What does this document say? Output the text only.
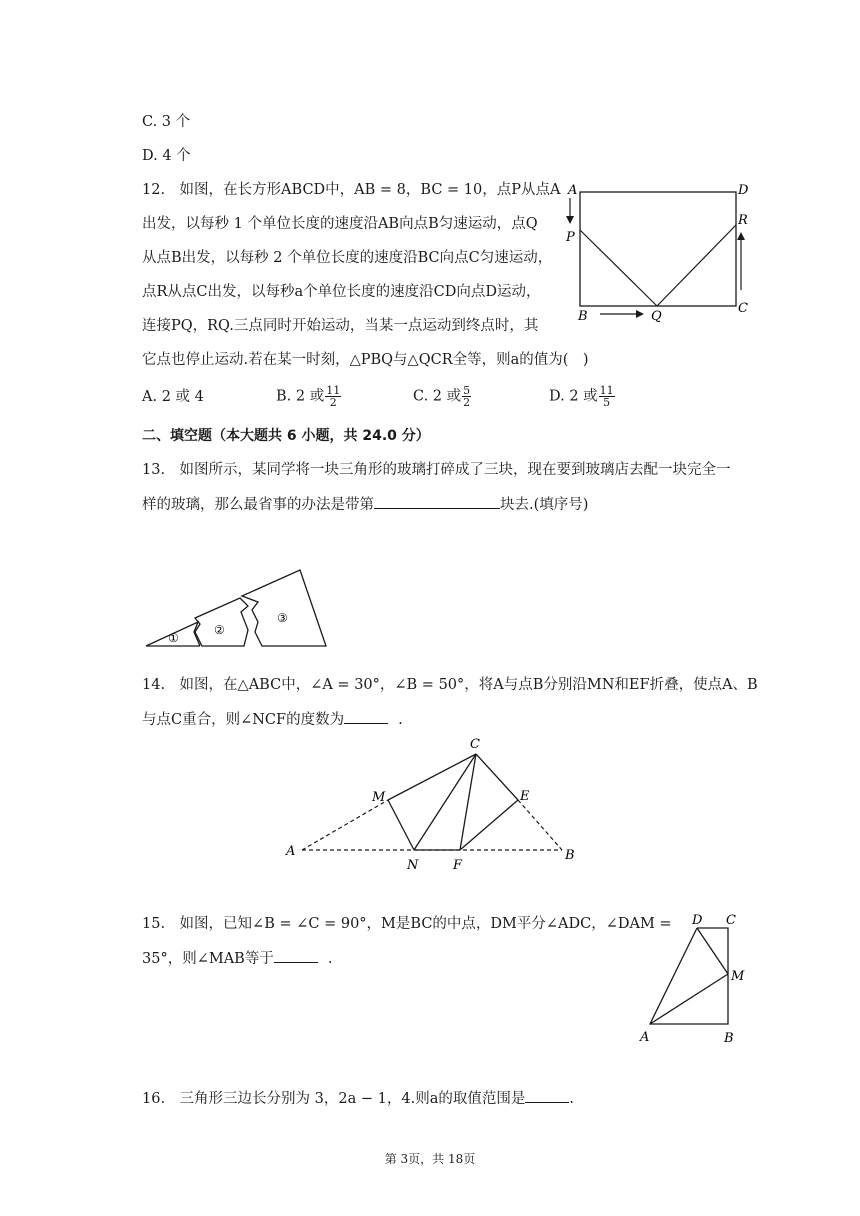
C. 3 个
D. 4 个
12.　如图，在长方形ABCD中，AB = 8，BC = 10，点P从点A
出发，以每秒 1 个单位长度的速度沿AB向点B匀速运动，点Q
从点B出发，以每秒 2 个单位长度的速度沿BC向点C匀速运动，
点R从点C出发，以每秒a个单位长度的速度沿CD向点D运动，
连接PQ，RQ.三点同时开始运动，当某一点运动到终点时，其
它点也停止运动.若在某一时刻，△PBQ与△QCR全等，则a的值为(　)
A	D
P
R
B	Q
C
A. 2 或 4	B. 2 或 $\frac{11}{2}$	C. 2 或 $\frac{5}{2}$	D. 2 或 $\frac{11}{5}$
二、填空题（本大题共 6 小题，共 24.0 分）
13.　如图所示，某同学将一块三角形的玻璃打碎成了三块，现在要到玻璃店去配一块完全一
样的玻璃，那么最省事的办法是带第	块去.(填序号)
①
②
③
14.　如图，在△ABC中，∠A = 30°，∠B = 50°，将A与点B分别沿MN和EF折叠，使点A、B
与点C重合，则∠NCF的度数为	.
C
M	E
A
N	F
B
15.　如图，已知∠B = ∠C = 90°，M是BC的中点，DM平分∠ADC，∠DAM =
35°，则∠MAB等于	.
D C
M
A	B
16.　三角形三边长分别为 3，2a − 1，4.则a的取值范围是	.
第 3页，共 18页
